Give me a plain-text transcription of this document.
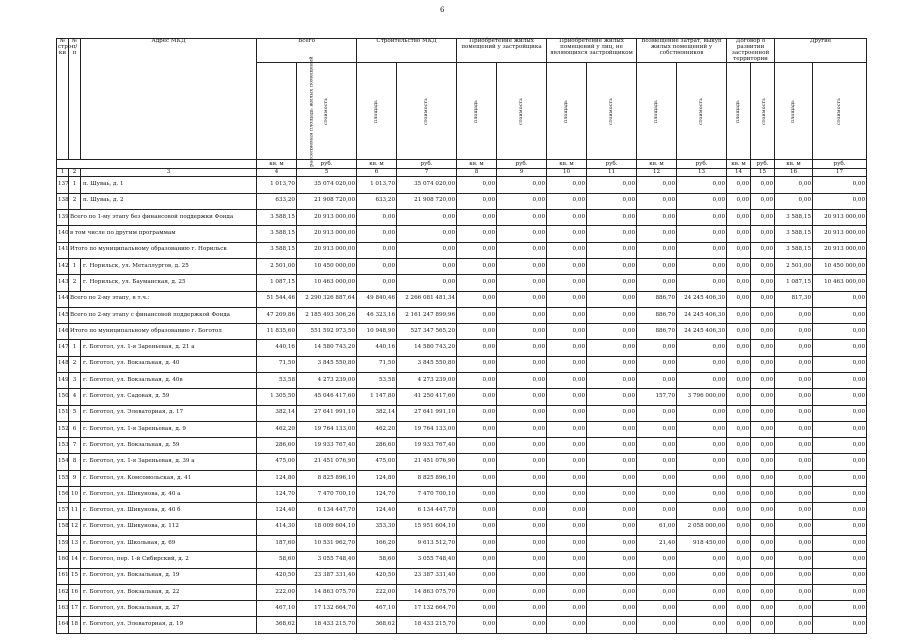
6
№ стро-ки	№ п/п	Адрес МКД	Всего		Строительство МКД		Приобретение жилых помещений у застройщика		Приобретение жилых помещений у лиц, не являющихся застройщиком		Возмещение затрат, выкуп жилых помещений у собственников		Договор о развитии застроенной территории		Другие	
			расселяемая площадь жилых помещений	стоимость	площадь	стоимость	площадь	стоимость	площадь	стоимость	площадь	стоимость	площадь	стоимость	площадь	стоимость
			кв. м	руб.	кв. м	руб.	кв. м	руб.	кв. м	руб.	кв. м	руб.	кв. м	руб.	кв. м	руб.
1	2	3	4	5	6	7	8	9	10	11	12	13	14	15	16	17
137	1	п. Шуваь, д. 1	1 013,70	35 074 020,00	1 013,70	35 074 020,00	0,00	0,00	0,00	0,00	0,00	0,00	0,00	0,00	0,00	0,00
138	2	п. Шуваь, д. 2	633,20	21 908 720,00	633,20	21 908 720,00	0,00	0,00	0,00	0,00	0,00	0,00	0,00	0,00	0,00	0,00
139	Всего по 1-му этапу без финансовой поддержки Фонда		3 588,15	20 913 000,00	0,00	0,00	0,00	0,00	0,00	0,00	0,00	0,00	0,00	0,00	3 588,15	20 913 000,00
140	в том числе по другим программам		3 588,15	20 913 000,00	0,00	0,00	0,00	0,00	0,00	0,00	0,00	0,00	0,00	0,00	3 588,15	20 913 000,00
141	Итого по муниципальному образованию г. Норильск		3 588,15	20 913 000,00	0,00	0,00	0,00	0,00	0,00	0,00	0,00	0,00	0,00	0,00	3 588,15	20 913 000,00
142	1	г. Норильск, ул. Металлургов, д. 25	2 501,00	10 450 000,00	0,00	0,00	0,00	0,00	0,00	0,00	0,00	0,00	0,00	0,00	2 501,00	10 450 000,00
143	2	г. Норильск, ул. Бауманская, д. 25	1 087,15	10 463 000,00	0,00	0,00	0,00	0,00	0,00	0,00	0,00	0,00	0,00	0,00	1 087,15	10 463 000,00
144	Всего по 2-му этапу, в т.ч.:		51 544,46	2 290 326 887,64	49 840,46	2 266 081 481,34	0,00	0,00	0,00	0,00	886,70	24 245 406,30	0,00	0,00	817,30	0,00
145	Всего по 2-му этапу с финансовой поддержкой Фонда		47 209,86	2 185 493 306,26	46 323,16	2 161 247 899,96	0,00	0,00	0,00	0,00	886,70	24 245 406,30	0,00	0,00	0,00	0,00
146	Итого по муниципальному образованию г. Боготол		11 835,60	551 592 973,50	10 948,90	527 347 565,20	0,00	0,00	0,00	0,00	886,70	24 245 406,30	0,00	0,00	0,00	0,00
147	1	г. Боготол, ул. 1-я Зареньевая, д. 21 а	440,16	14 580 743,20	440,16	14 580 743,20	0,00	0,00	0,00	0,00	0,00	0,00	0,00	0,00	0,00	0,00
148	2	г. Боготол, ул. Вокзальная, д. 40	71,50	3 845 550,80	71,50	3 845 550,80	0,00	0,00	0,00	0,00	0,00	0,00	0,00	0,00	0,00	0,00
149	3	г. Боготол, ул. Вокзальная, д. 40в	53,58	4 273 239,00	53,58	4 273 239,00	0,00	0,00	0,00	0,00	0,00	0,00	0,00	0,00	0,00	0,00
150	4	г. Боготол, ул. Садовая, д. 59	1 305,50	45 046 417,60	1 147,80	41 250 417,60	0,00	0,00	0,00	0,00	157,70	3 796 000,00	0,00	0,00	0,00	0,00
151	5	г. Боготол, ул. Элеваторная, д. 17	382,14	27 641 991,10	382,14	27 641 991,10	0,00	0,00	0,00	0,00	0,00	0,00	0,00	0,00	0,00	0,00
152	6	г. Боготол, ул. 1-я Зареньевая, д. 9	462,20	19 764 133,00	462,20	19 764 133,00	0,00	0,00	0,00	0,00	0,00	0,00	0,00	0,00	0,00	0,00
153	7	г. Боготол, ул. Вокзальная, д. 59	286,60	19 933 767,40	286,60	19 933 767,40	0,00	0,00	0,00	0,00	0,00	0,00	0,00	0,00	0,00	0,00
154	8	г. Боготол, ул. 1-я Зареньевая, д. 39 а	475,00	21 451 076,90	475,00	21 451 076,90	0,00	0,00	0,00	0,00	0,00	0,00	0,00	0,00	0,00	0,00
155	9	г. Боготол, ул. Комсомольская, д. 41	124,80	8 825 896,10	124,80	8 825 896,10	0,00	0,00	0,00	0,00	0,00	0,00	0,00	0,00	0,00	0,00
156	10	г. Боготол, ул. Шикунова, д. 40 а	124,70	7 470 700,10	124,70	7 470 700,10	0,00	0,00	0,00	0,00	0,00	0,00	0,00	0,00	0,00	0,00
157	11	г. Боготол, ул. Шикунова, д. 40 б	124,40	6 134 447,70	124,40	6 134 447,70	0,00	0,00	0,00	0,00	0,00	0,00	0,00	0,00	0,00	0,00
158	12	г. Боготол, ул. Шикунова, д. 112	414,30	18 009 604,10	353,30	15 951 604,10	0,00	0,00	0,00	0,00	61,00	2 058 000,00	0,00	0,00	0,00	0,00
159	13	г. Боготол, ул. Школьная, д. 69	187,60	10 531 962,70	166,20	9 613 512,70	0,00	0,00	0,00	0,00	21,40	918 450,00	0,00	0,00	0,00	0,00
160	14	г. Боготол, пер. 1-й Сибирский, д. 2	58,60	3 055 748,40	58,60	3 055 748,40	0,00	0,00	0,00	0,00	0,00	0,00	0,00	0,00	0,00	0,00
161	15	г. Боготол, ул. Вокзальная, д. 19	420,50	23 387 331,40	420,50	23 387 331,40	0,00	0,00	0,00	0,00	0,00	0,00	0,00	0,00	0,00	0,00
162	16	г. Боготол, ул. Вокзальная, д. 22	222,00	14 863 075,70	222,00	14 863 075,70	0,00	0,00	0,00	0,00	0,00	0,00	0,00	0,00	0,00	0,00
163	17	г. Боготол, ул. Вокзальная, д. 27	467,10	17 132 664,70	467,10	17 132 664,70	0,00	0,00	0,00	0,00	0,00	0,00	0,00	0,00	0,00	0,00
164	18	г. Боготол, ул. Элеваторная, д. 19	368,62	18 433 215,70	368,62	18 433 215,70	0,00	0,00	0,00	0,00	0,00	0,00	0,00	0,00	0,00	0,00
